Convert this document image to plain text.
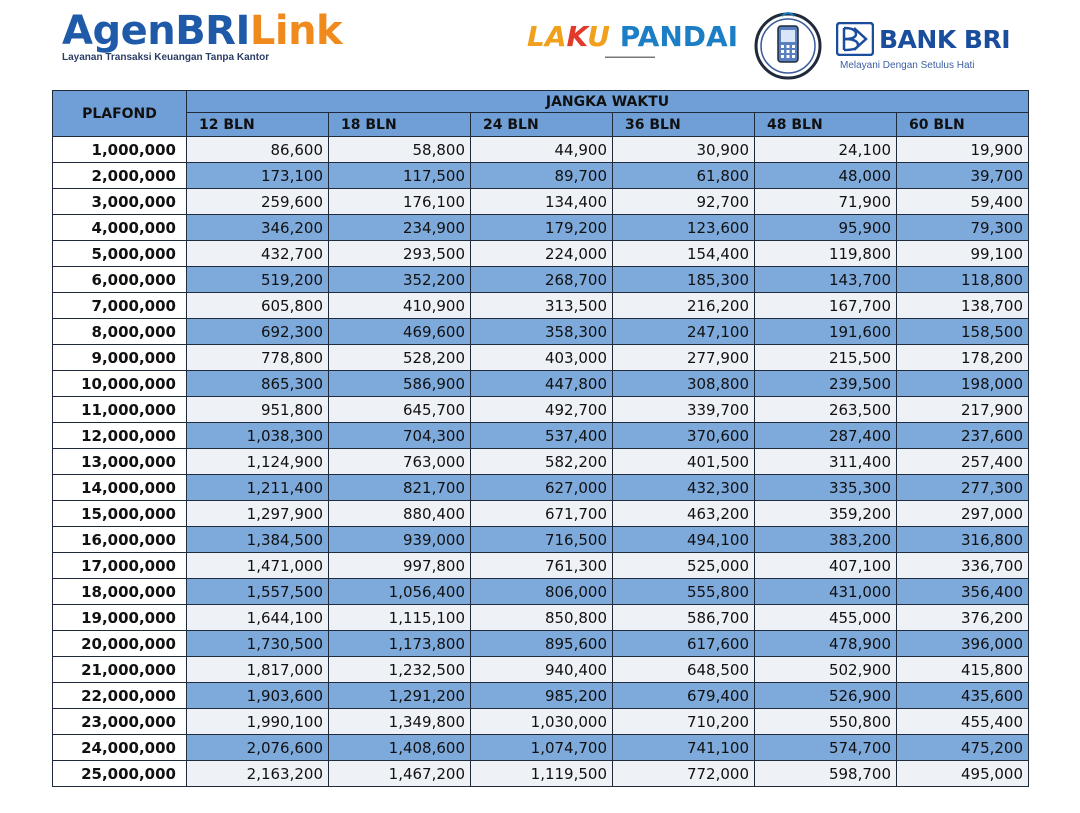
AgenBRILink
Layanan Transaksi Keuangan Tanpa Kantor
LAKU PANDAI
▬▬▬▬▬▬▬▬▬▬
BANK BRI
Melayani Dengan Setulus Hati
PLAFOND	JANGKA WAKTU					
	12 BLN	18 BLN	24 BLN	36 BLN	48 BLN	60 BLN
1,000,000	86,600	58,800	44,900	30,900	24,100	19,900
2,000,000	173,100	117,500	89,700	61,800	48,000	39,700
3,000,000	259,600	176,100	134,400	92,700	71,900	59,400
4,000,000	346,200	234,900	179,200	123,600	95,900	79,300
5,000,000	432,700	293,500	224,000	154,400	119,800	99,100
6,000,000	519,200	352,200	268,700	185,300	143,700	118,800
7,000,000	605,800	410,900	313,500	216,200	167,700	138,700
8,000,000	692,300	469,600	358,300	247,100	191,600	158,500
9,000,000	778,800	528,200	403,000	277,900	215,500	178,200
10,000,000	865,300	586,900	447,800	308,800	239,500	198,000
11,000,000	951,800	645,700	492,700	339,700	263,500	217,900
12,000,000	1,038,300	704,300	537,400	370,600	287,400	237,600
13,000,000	1,124,900	763,000	582,200	401,500	311,400	257,400
14,000,000	1,211,400	821,700	627,000	432,300	335,300	277,300
15,000,000	1,297,900	880,400	671,700	463,200	359,200	297,000
16,000,000	1,384,500	939,000	716,500	494,100	383,200	316,800
17,000,000	1,471,000	997,800	761,300	525,000	407,100	336,700
18,000,000	1,557,500	1,056,400	806,000	555,800	431,000	356,400
19,000,000	1,644,100	1,115,100	850,800	586,700	455,000	376,200
20,000,000	1,730,500	1,173,800	895,600	617,600	478,900	396,000
21,000,000	1,817,000	1,232,500	940,400	648,500	502,900	415,800
22,000,000	1,903,600	1,291,200	985,200	679,400	526,900	435,600
23,000,000	1,990,100	1,349,800	1,030,000	710,200	550,800	455,400
24,000,000	2,076,600	1,408,600	1,074,700	741,100	574,700	475,200
25,000,000	2,163,200	1,467,200	1,119,500	772,000	598,700	495,000
